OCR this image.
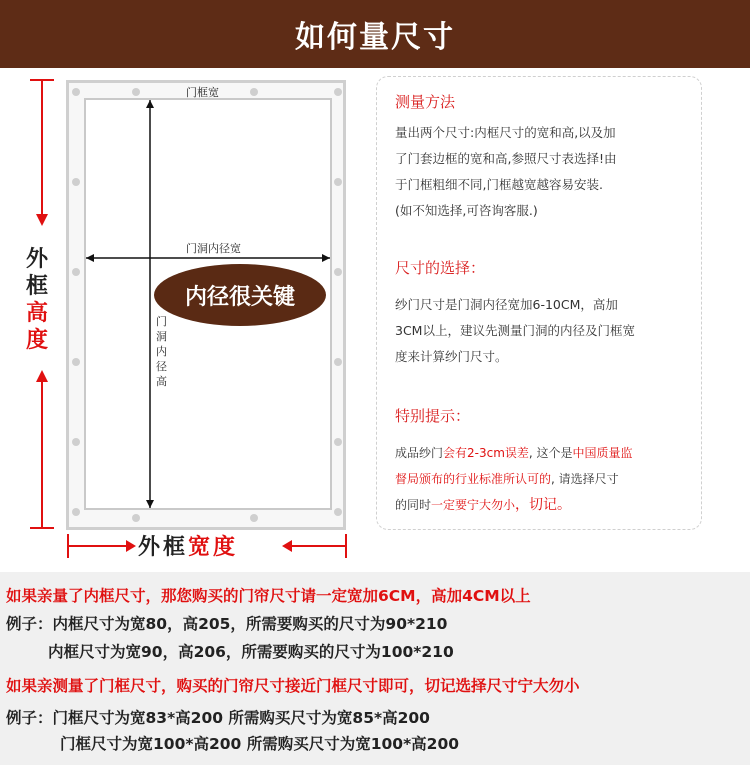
如何量尺寸
门框宽
门洞内径宽
门
洞
内
径
高
内径很关键
外
框
高
度
外框宽度
测量方法
量出两个尺寸:内框尺寸的宽和高,以及加
了门套边框的宽和高,参照尺寸表选择!由
于门框粗细不同,门框越宽越容易安装.
(如不知选择,可咨询客服.)
尺寸的选择：
纱门尺寸是门洞内径宽加6-10CM，高加
3CM以上，建议先测量门洞的内径及门框宽
度来计算纱门尺寸。
特别提示：
成品纱门会有2-3cm误差, 这个是中国质量监
督局颁布的行业标准所认可的, 请选择尺寸
的同时一定要宁大勿小，切记。
如果亲量了内框尺寸，那您购买的门帘尺寸请一定宽加6CM，高加4CM以上
例子：内框尺寸为宽80，高205，所需要购买的尺寸为90*210
内框尺寸为宽90，高206，所需要购买的尺寸为100*210
如果亲测量了门框尺寸，购买的门帘尺寸接近门框尺寸即可，切记选择尺寸宁大勿小
例子：门框尺寸为宽83*高200 所需购买尺寸为宽85*高200
门框尺寸为宽100*高200 所需购买尺寸为宽100*高200
